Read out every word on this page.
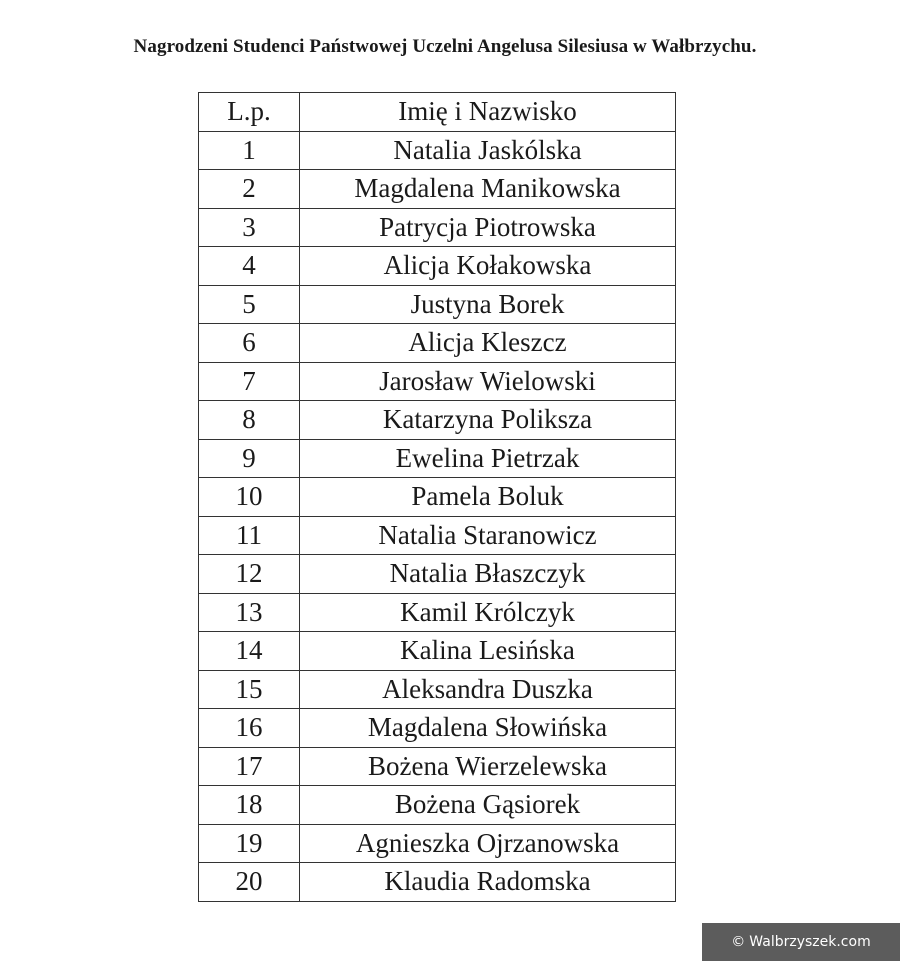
Nagrodzeni Studenci Państwowej Uczelni Angelusa Silesiusa w Wałbrzychu.
L.p.	Imię i Nazwisko
1	Natalia Jaskólska
2	Magdalena Manikowska
3	Patrycja Piotrowska
4	Alicja Kołakowska
5	Justyna Borek
6	Alicja Kleszcz
7	Jarosław Wielowski
8	Katarzyna Poliksza
9	Ewelina Pietrzak
10	Pamela Boluk
11	Natalia Staranowicz
12	Natalia Błaszczyk
13	Kamil Królczyk
14	Kalina Lesińska
15	Aleksandra Duszka
16	Magdalena Słowińska
17	Bożena Wierzelewska
18	Bożena Gąsiorek
19	Agnieszka Ojrzanowska
20	Klaudia Radomska
© Walbrzyszek.com
